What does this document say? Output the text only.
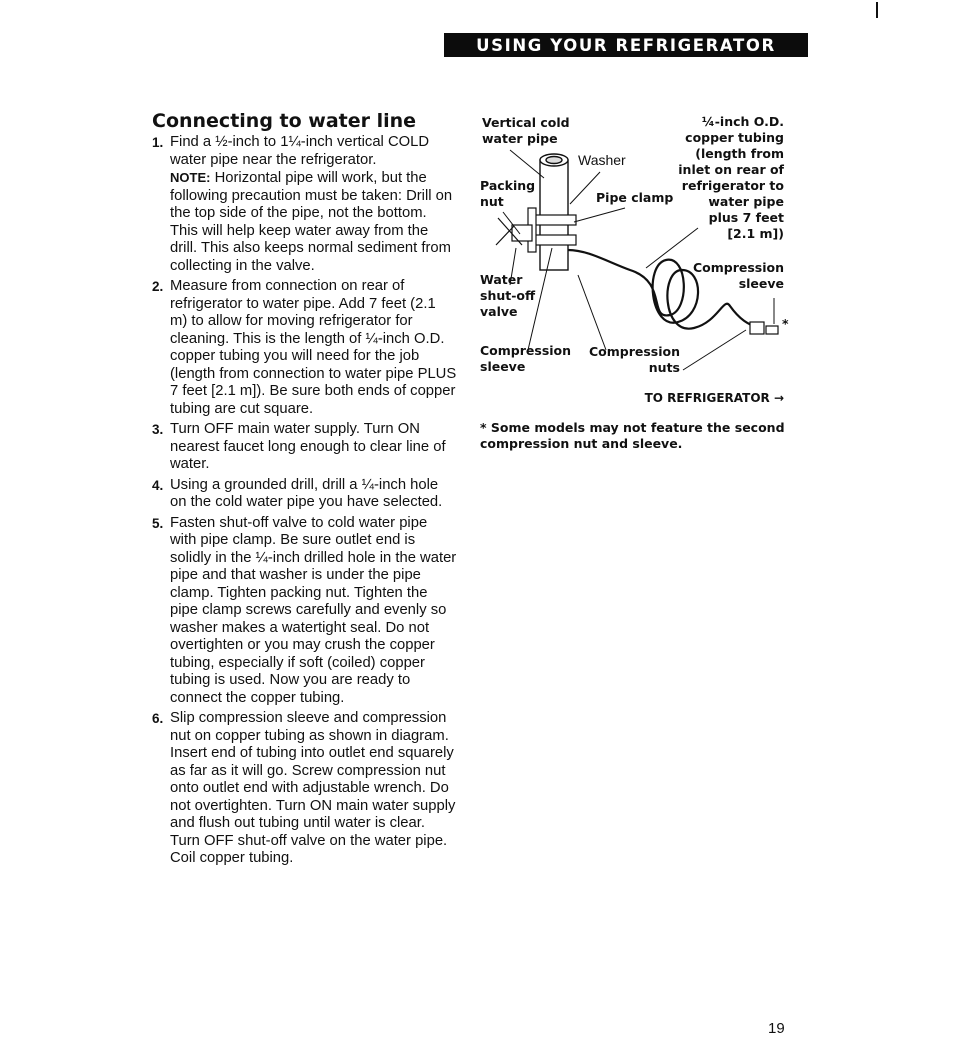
USING YOUR REFRIGERATOR
Connecting to water line
1. Find a ½-inch to 1¼-inch vertical COLD water pipe near the refrigerator.
NOTE: Horizontal pipe will work, but the following precaution must be taken: Drill on the top side of the pipe, not the bottom. This will help keep water away from the drill. This also keeps normal sediment from collecting in the valve.
2. Measure from connection on rear of refrigerator to water pipe. Add 7 feet (2.1 m) to allow for moving refrigerator for cleaning. This is the length of ¼-inch O.D. copper tubing you will need for the job (length from connection to water pipe PLUS 7 feet [2.1 m]). Be sure both ends of copper tubing are cut square.
3. Turn OFF main water supply. Turn ON nearest faucet long enough to clear line of water.
4. Using a grounded drill, drill a ¼-inch hole on the cold water pipe you have selected.
5. Fasten shut-off valve to cold water pipe with pipe clamp. Be sure outlet end is solidly in the ¼-inch drilled hole in the water pipe and that washer is under the pipe clamp. Tighten packing nut. Tighten the pipe clamp screws carefully and evenly so washer makes a watertight seal. Do not overtighten or you may crush the copper tubing, especially if soft (coiled) copper tubing is used. Now you are ready to connect the copper tubing.
6. Slip compression sleeve and compression nut on copper tubing as shown in diagram. Insert end of tubing into outlet end squarely as far as it will go. Screw compression nut onto outlet end with adjustable wrench. Do not overtighten. Turn ON main water supply and flush out tubing until water is clear. Turn OFF shut-off valve on the water pipe. Coil copper tubing.

Vertical cold water pipe

Washer

Packing nut	Pipe clamp

¼-inch O.D. copper tubing (length from inlet on rear of refrigerator to water pipe plus 7 feet [2.1 m])

Water shut-off valve

Compression sleeve

Compression sleeve

Compression nuts

*

TO REFRIGERATOR →

* Some models may not feature the second compression nut and sleeve.
19
